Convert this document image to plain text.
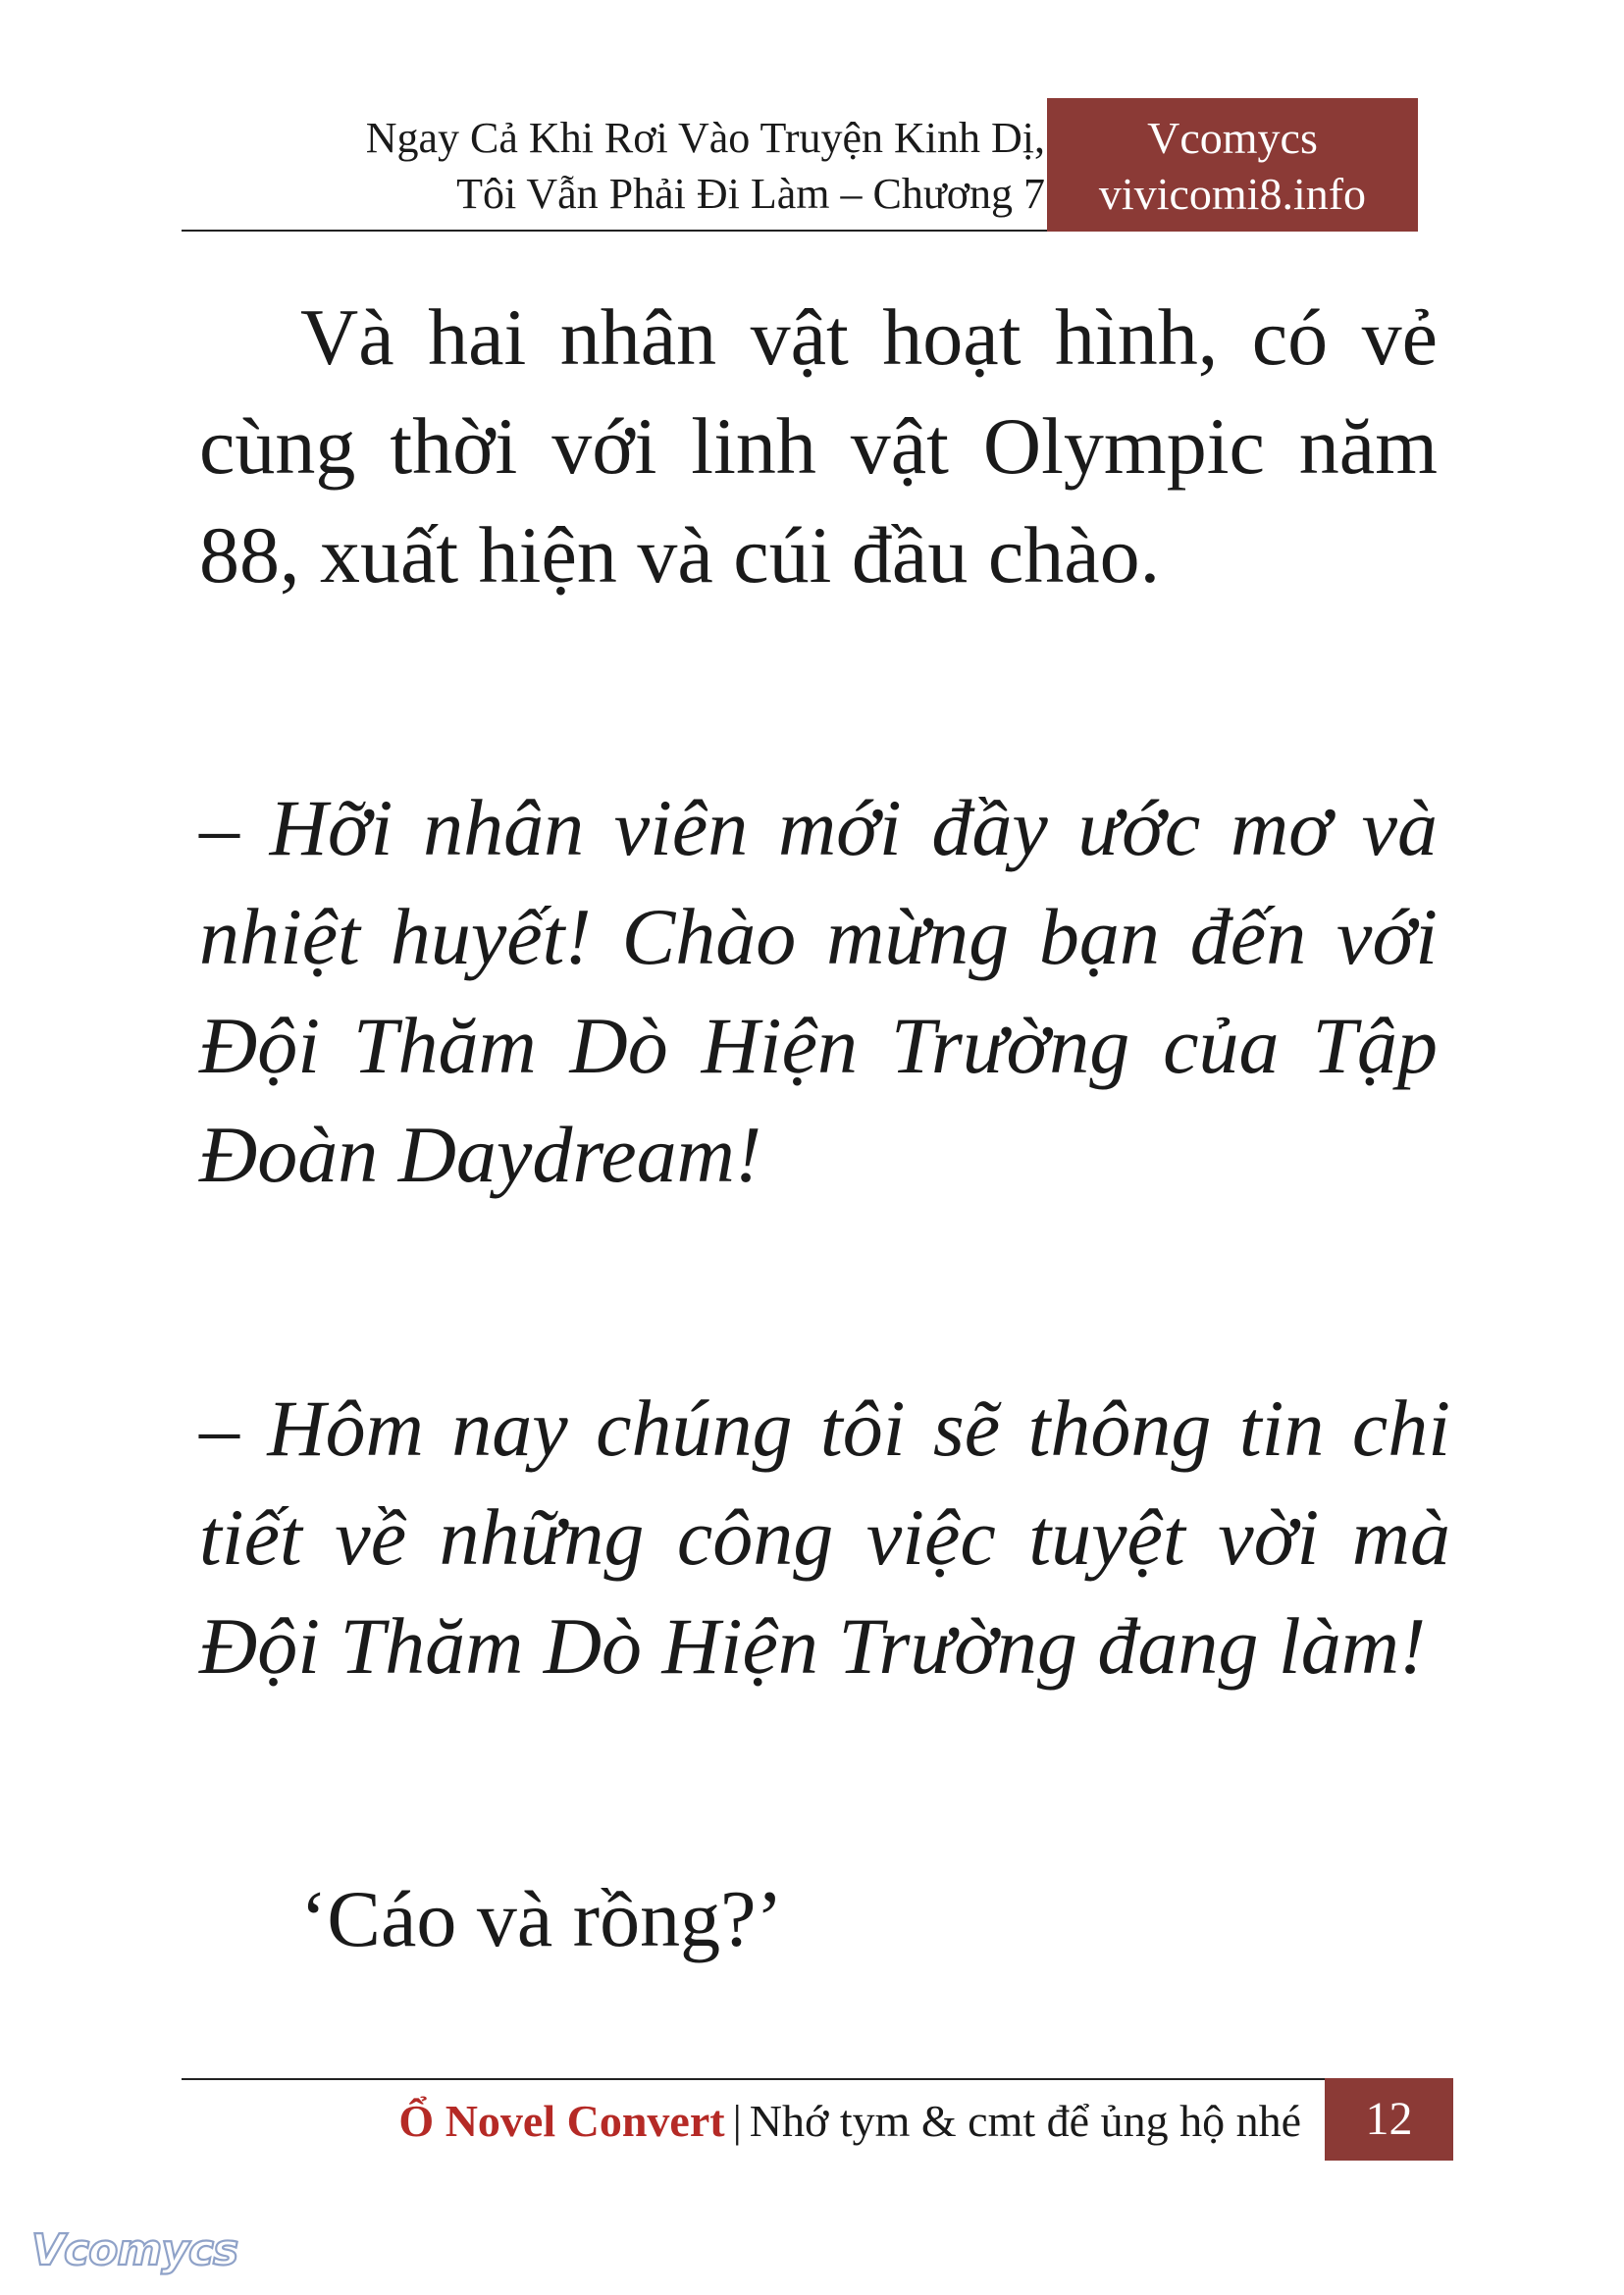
Ngay Cả Khi Rơi Vào Truyện Kinh Dị,
Tôi Vẫn Phải Đi Làm – Chương 7
Vcomycs
vivicomi8.info

Và hai nhân vật hoạt hình, có vẻ cùng thời với linh vật Olympic năm 88, xuất hiện và cúi đầu chào.

– Hỡi nhân viên mới đầy ước mơ và nhiệt huyết! Chào mừng bạn đến với Đội Thăm Dò Hiện Trường của Tập Đoàn Daydream!

– Hôm nay chúng tôi sẽ thông tin chi tiết về những công việc tuyệt vời mà Đội Thăm Dò Hiện Trường đang làm!

‘Cáo và rồng?’

Ổ Novel Convert | Nhớ tym & cmt để ủng hộ nhé	12
Vcomycs
